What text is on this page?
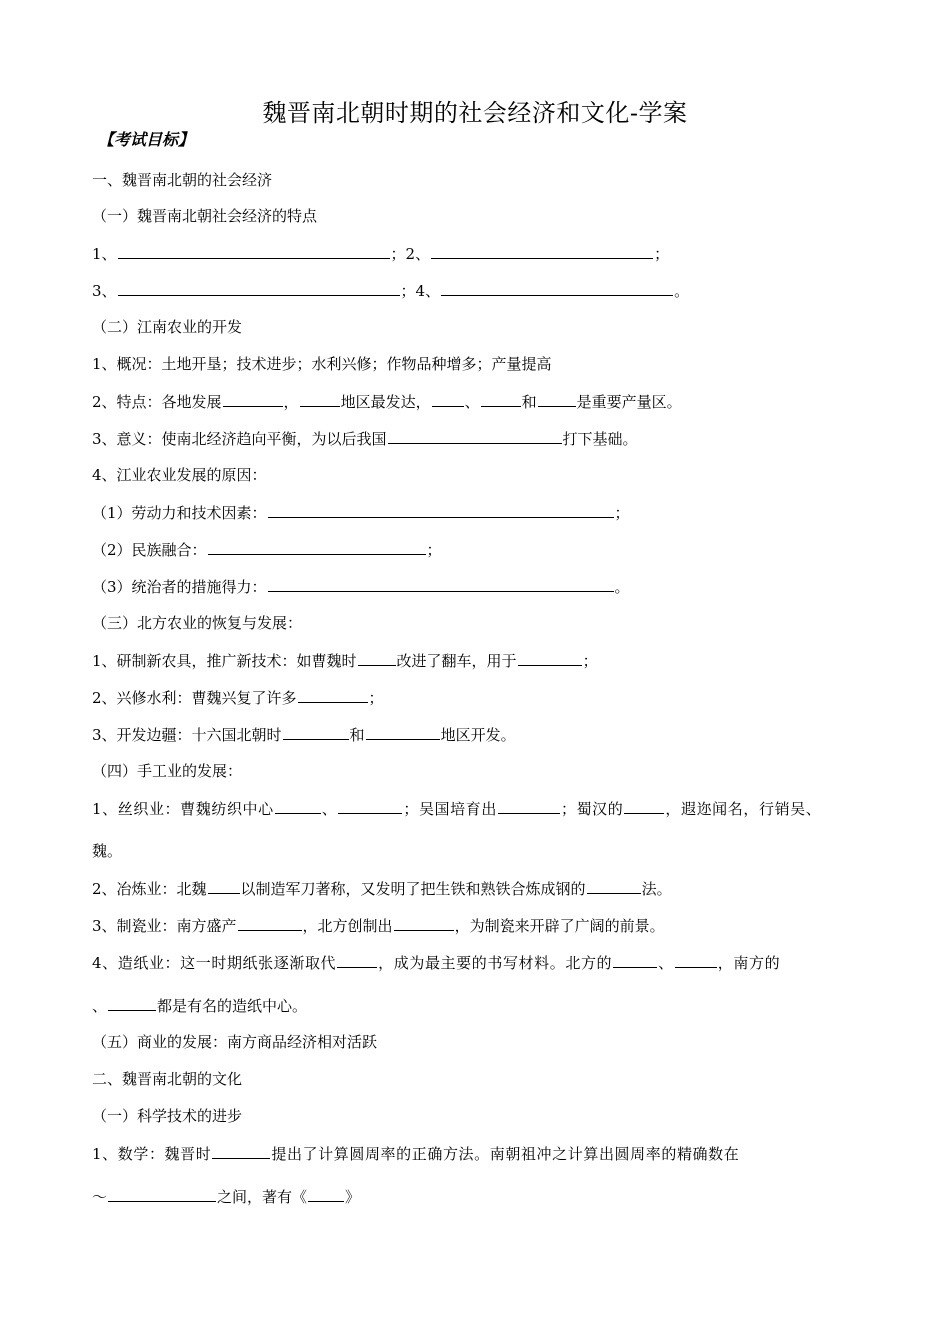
魏晋南北朝时期的社会经济和文化-学案
【考试目标】
一、魏晋南北朝的社会经济
（一）魏晋南北朝社会经济的特点
1、	；2、	；
3、	；4、	。
（二）江南农业的开发
1、概况：土地开垦；技术进步；水利兴修；作物品种增多；产量提高
2、特点：各地发展	，	地区最发达， 、	和	是重要产量区。
3、意义：使南北经济趋向平衡，为以后我国	打下基础。
4、江业农业发展的原因：
（1）劳动力和技术因素：	；
（2）民族融合：	；
（3）统治者的措施得力：	。
（三）北方农业的恢复与发展：
1、研制新农具，推广新技术：如曹魏时	改进了翻车，用于	；
2、兴修水利：曹魏兴复了许多	；
3、开发边疆：十六国北朝时	和	地区开发。
（四）手工业的发展：
1、丝织业：曹魏纺织中心	、	；吴国培育出	；蜀汉的	，遐迩闻名，行销吴、
魏。
2、冶炼业：北魏 以制造军刀著称，又发明了把生铁和熟铁合炼成钢的	法。
3、制瓷业：南方盛产	，北方创制出	，为制瓷来开辟了广阔的前景。
4、造纸业：这一时期纸张逐渐取代	，成为最主要的书写材料。北方的	、	，南方的
、	都是有名的造纸中心。
（五）商业的发展：南方商品经济相对活跃
二、魏晋南北朝的文化
（一）科学技术的进步
1、数学：魏晋时	提出了计算圆周率的正确方法。南朝祖冲之计算出圆周率的精确数在
～	之间，著有《	》
